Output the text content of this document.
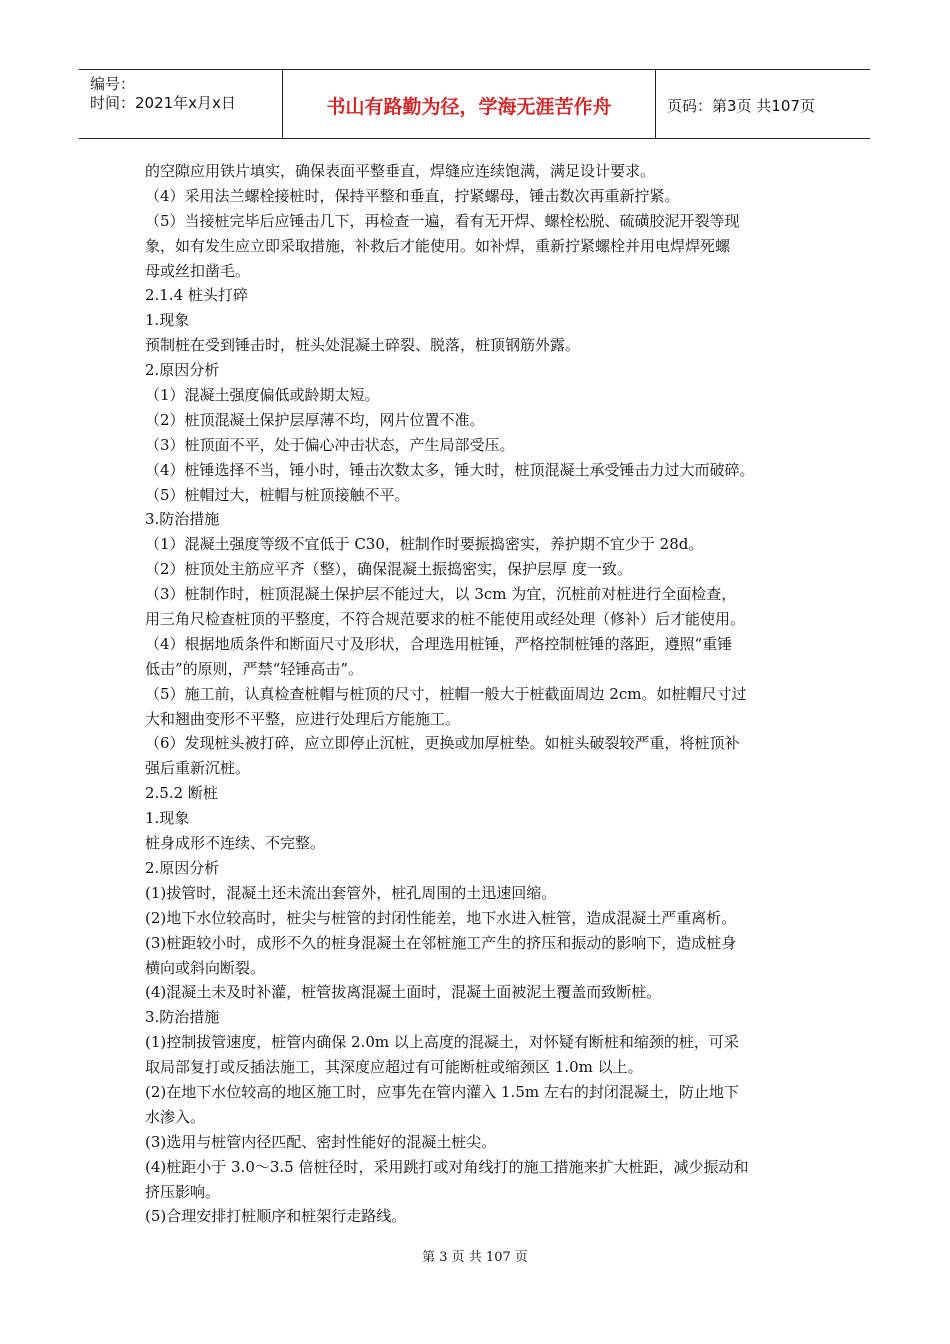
编号：
时间：2021年x月x日	书山有路勤为径，学海无涯苦作舟	页码：第3页 共107页
的空隙应用铁片填实，确保表面平整垂直，焊缝应连续饱满，满足设计要求。
（4）采用法兰螺栓接桩时，保持平整和垂直，拧紧螺母，锤击数次再重新拧紧。
（5）当接桩完毕后应锤击几下，再检查一遍，看有无开焊、螺栓松脱、硫磺胶泥开裂等现
象，如有发生应立即采取措施，补救后才能使用。如补焊，重新拧紧螺栓并用电焊焊死螺
母或丝扣凿毛。
2.1.4 桩头打碎
1.现象
预制桩在受到锤击时，桩头处混凝土碎裂、脱落，桩顶钢筋外露。
2.原因分析
（1）混凝土强度偏低或龄期太短。
（2）桩顶混凝土保护层厚薄不均，网片位置不准。
（3）桩顶面不平，处于偏心冲击状态，产生局部受压。
（4）桩锤选择不当，锤小时，锤击次数太多，锤大时，桩顶混凝土承受锤击力过大而破碎。
（5）桩帽过大，桩帽与桩顶接触不平。
3.防治措施
（1）混凝土强度等级不宜低于 C30，桩制作时要振捣密实，养护期不宜少于 28d。
（2）桩顶处主筋应平齐（整），确保混凝土振捣密实，保护层厚 度一致。
（3）桩制作时，桩顶混凝土保护层不能过大，以 3cm 为宜，沉桩前对桩进行全面检查，
用三角尺检查桩顶的平整度，不符合规范要求的桩不能使用或经处理（修补）后才能使用。
（4）根据地质条件和断面尺寸及形状，合理选用桩锤，严格控制桩锤的落距，遵照“重锤
低击”的原则，严禁“轻锤高击”。
（5）施工前，认真检查桩帽与桩顶的尺寸，桩帽一般大于桩截面周边 2cm。如桩帽尺寸过
大和翘曲变形不平整，应进行处理后方能施工。
（6）发现桩头被打碎，应立即停止沉桩，更换或加厚桩垫。如桩头破裂较严重，将桩顶补
强后重新沉桩。
2.5.2 断桩
1.现象
桩身成形不连续、不完整。
2.原因分析
(1)拔管时，混凝土还未流出套管外，桩孔周围的土迅速回缩。
(2)地下水位较高时，桩尖与桩管的封闭性能差，地下水进入桩管，造成混凝土严重离析。
(3)桩距较小时，成形不久的桩身混凝土在邻桩施工产生的挤压和振动的影响下，造成桩身
横向或斜向断裂。
(4)混凝土未及时补灌，桩管拔离混凝土面时，混凝土面被泥土覆盖而致断桩。
3.防治措施
(1)控制拔管速度，桩管内确保 2.0m 以上高度的混凝土，对怀疑有断桩和缩颈的桩，可采
取局部复打或反插法施工，其深度应超过有可能断桩或缩颈区 1.0m 以上。
(2)在地下水位较高的地区施工时，应事先在管内灌入 1.5m 左右的封闭混凝土，防止地下
水渗入。
(3)选用与桩管内径匹配、密封性能好的混凝土桩尖。
(4)桩距小于 3.0～3.5 倍桩径时，采用跳打或对角线打的施工措施来扩大桩距，减少振动和
挤压影响。
(5)合理安排打桩顺序和桩架行走路线。
第 3 页 共 107 页
